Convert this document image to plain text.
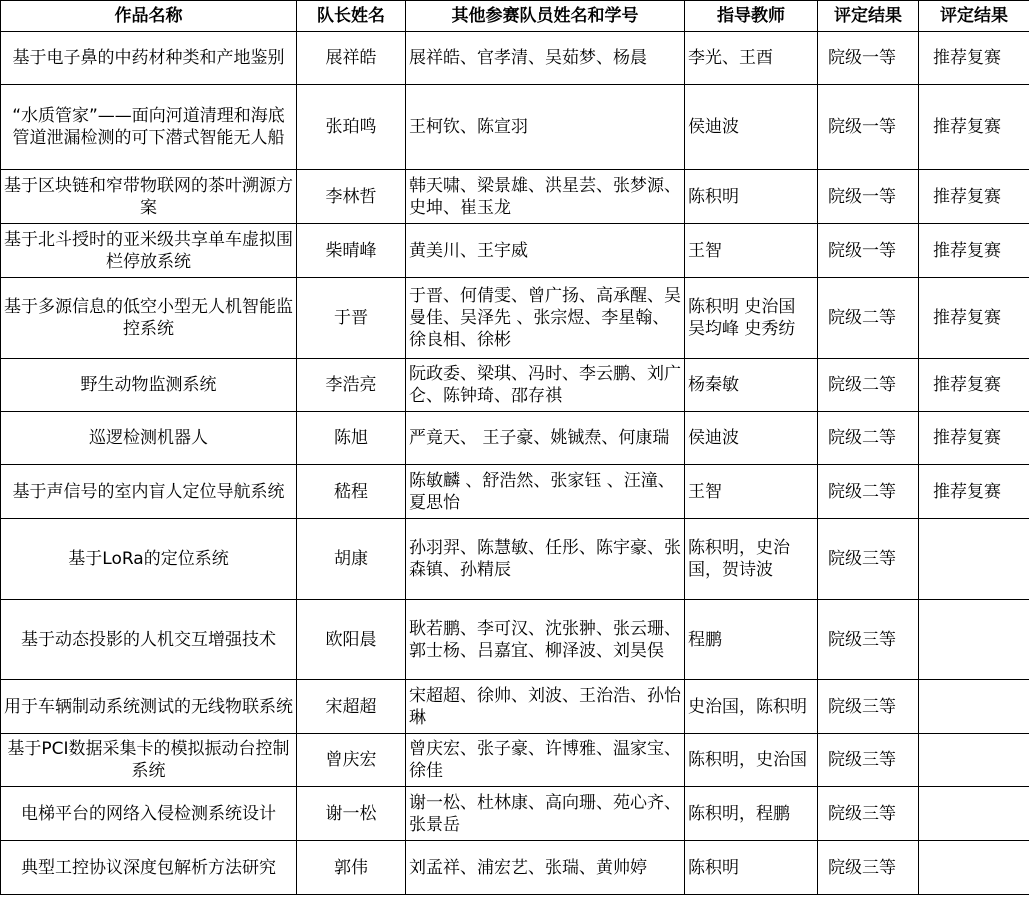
作品名称	队长姓名	其他参赛队员姓名和学号	指导教师	评定结果	评定结果
基于电子鼻的中药材种类和产地鉴别	展祥皓	展祥皓、官孝清、吴茹梦、杨晨	李光、王酉	院级一等	推荐复赛
“水质管家”——面向河道清理和海底管道泄漏检测的可下潜式智能无人船	张珀鸣	王柯钦、陈宣羽	侯迪波	院级一等	推荐复赛
基于区块链和窄带物联网的茶叶溯源方案	李林哲	韩天啸、梁景雄、洪星芸、张梦源、史坤、崔玉龙	陈积明	院级一等	推荐复赛
基于北斗授时的亚米级共享单车虚拟围栏停放系统	柴晴峰	黄美川、王宇威	王智	院级一等	推荐复赛
基于多源信息的低空小型无人机智能监控系统	于晋	于晋、何倩雯、曾广扬、高承醒、吴曼佳、吴泽先 、张宗煜、李星翰、徐良相、徐彬	陈积明 史治国 吴均峰 史秀纺	院级二等	推荐复赛
野生动物监测系统	李浩亮	阮政委、梁琪、冯时、李云鹏、刘广仑、陈钟琦、邵存祺	杨秦敏	院级二等	推荐复赛
巡逻检测机器人	陈旭	严竟天、 王子豪、姚铖焘、何康瑞	侯迪波	院级二等	推荐复赛
基于声信号的室内盲人定位导航系统	嵇程	陈敏麟 、舒浩然、张家钰 、汪潼、 夏思怡	王智	院级二等	推荐复赛
基于LoRa的定位系统	胡康	孙羽羿、陈慧敏、任彤、陈宇豪、张森镇、孙精辰	陈积明，史治国，贺诗波	院级三等	
基于动态投影的人机交互增强技术	欧阳晨	耿若鹏、李可汉、沈张翀、张云珊、郭士杨、吕嘉宜、柳泽波、刘昊俣	程鹏	院级三等	
用于车辆制动系统测试的无线物联系统	宋超超	宋超超、徐帅、刘波、王治浩、孙怡琳	史治国，陈积明	院级三等	
基于PCI数据采集卡的模拟振动台控制系统	曾庆宏	曾庆宏、张子豪、许博雅、温家宝、徐佳	陈积明，史治国	院级三等	
电梯平台的网络入侵检测系统设计	谢一松	谢一松、杜林康、高向珊、苑心齐、张景岳	陈积明，程鹏	院级三等	
典型工控协议深度包解析方法研究	郭伟	刘孟祥、浦宏艺、张瑞、黄帅婷	陈积明	院级三等	
